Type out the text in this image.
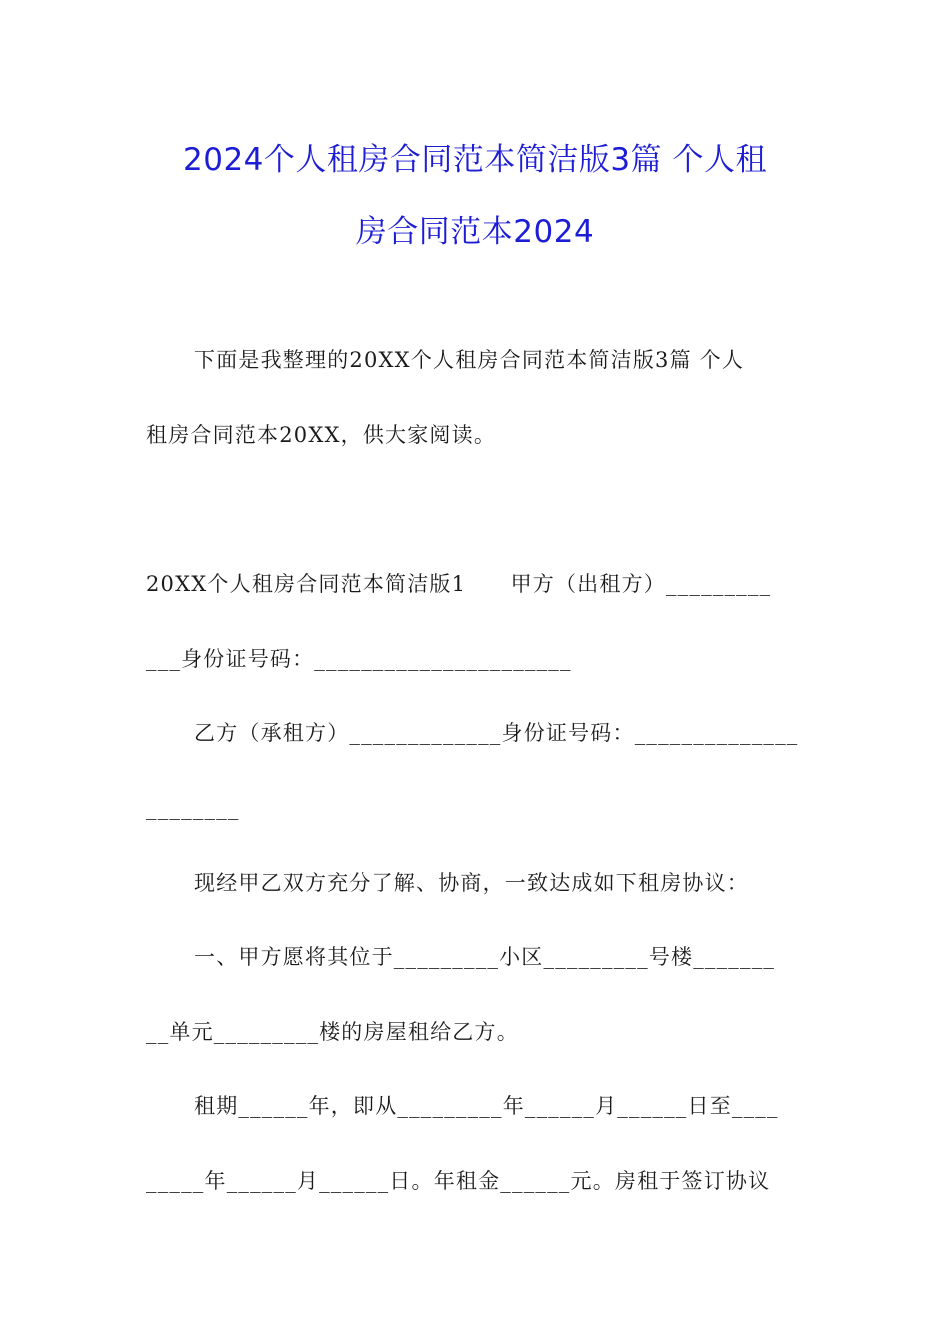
2024个人租房合同范本简洁版3篇 个人租
房合同范本2024
下面是我整理的20XX个人租房合同范本简洁版3篇 个人
租房合同范本20XX，供大家阅读。
20XX个人租房合同范本简洁版1　　甲方（出租方）_________
___身份证号码：______________________
乙方（承租方）_____________身份证号码：______________
________
现经甲乙双方充分了解、协商，一致达成如下租房协议：
一、甲方愿将其位于_________小区_________号楼_______
__单元_________楼的房屋租给乙方。
租期______年，即从_________年______月______日至____
_____年______月______日。年租金______元。房租于签订协议
